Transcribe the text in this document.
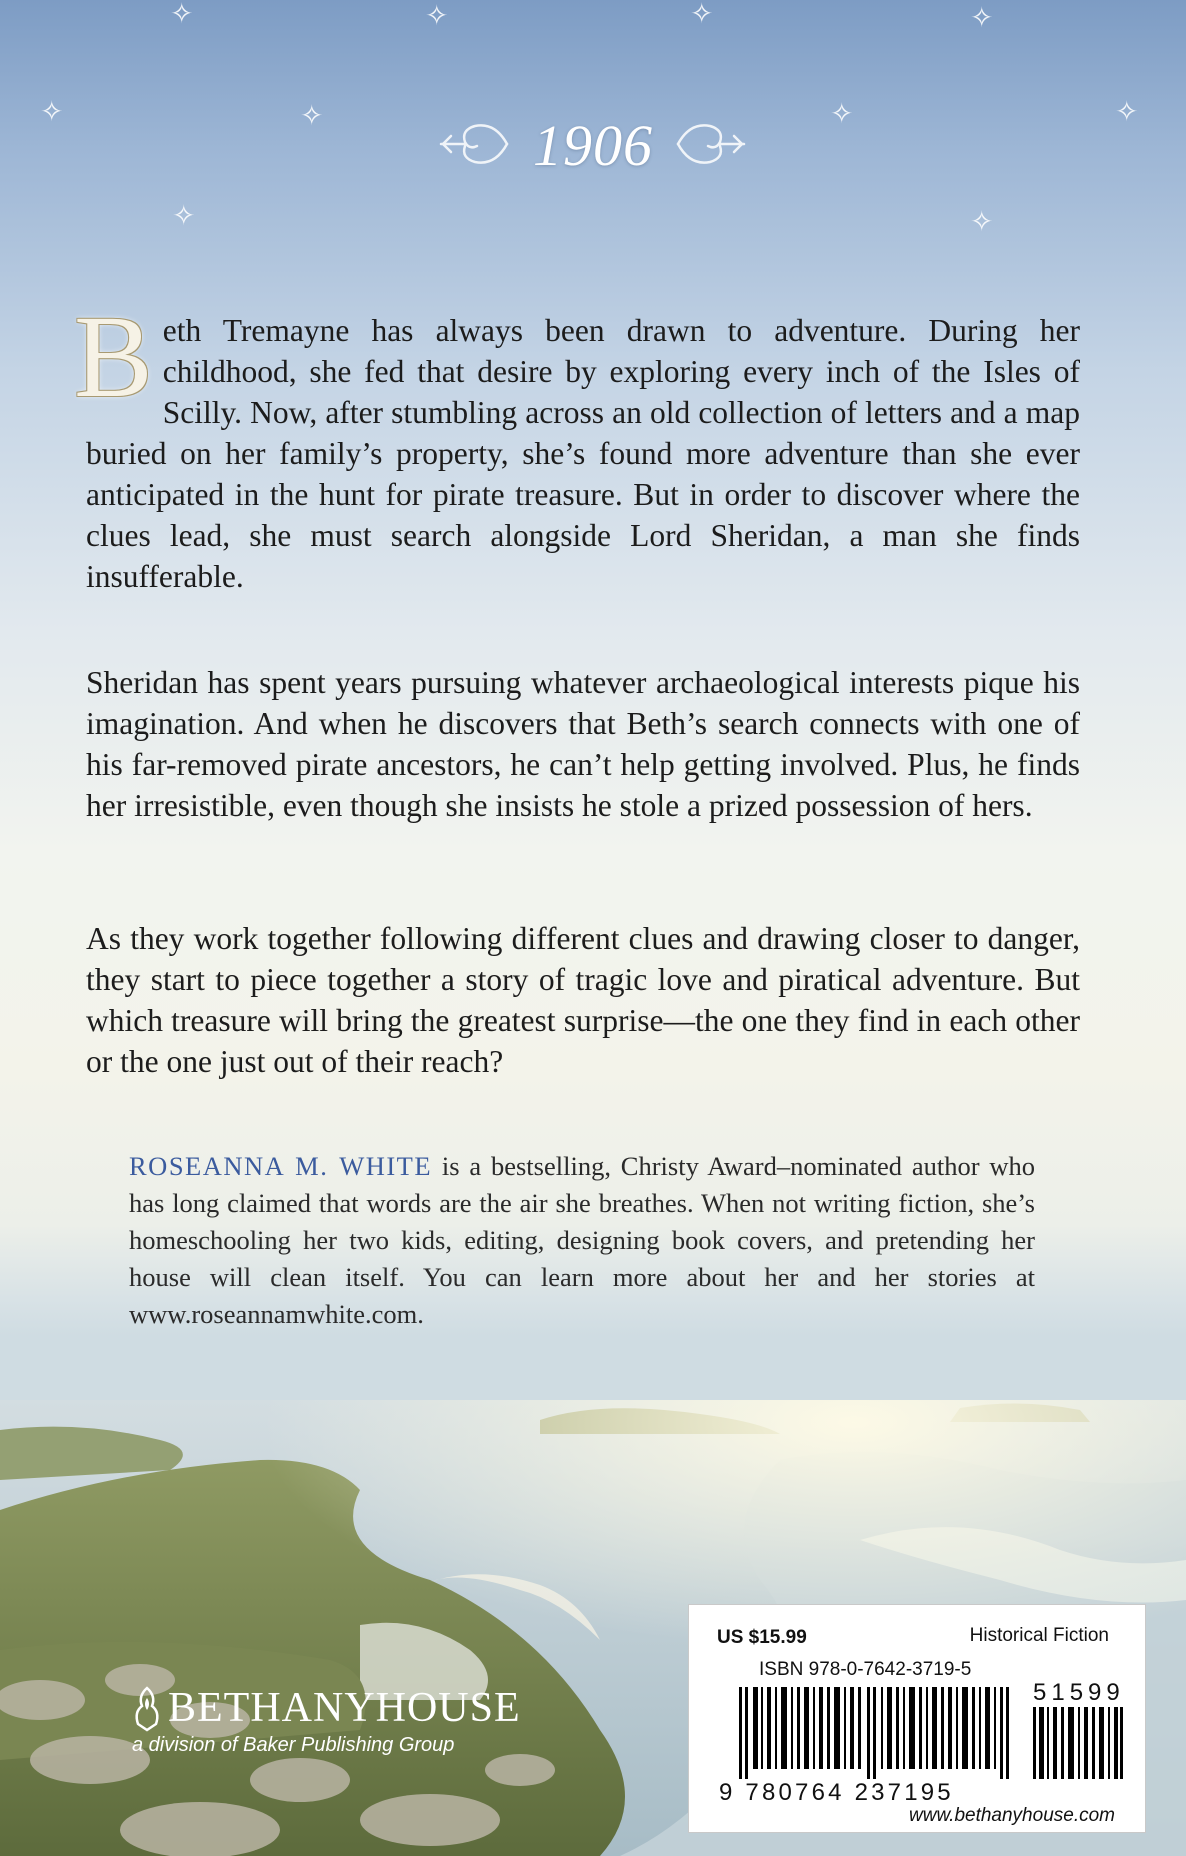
✧	✧	✧	✧
✧	✧	✧	✧
✧	✧
1906

Beth Tremayne has always been drawn to adventure. During her childhood, she fed that desire by exploring every inch of the Isles of Scilly. Now, after stumbling across an old collection of letters and a map buried on her family’s property, she’s found more adventure than she ever anticipated in the hunt for pirate treasure. But in order to discover where the clues lead, she must search alongside Lord Sheridan, a man she finds insufferable.

Sheridan has spent years pursuing whatever archaeological interests pique his imagination. And when he discovers that Beth’s search connects with one of his far-removed pirate ancestors, he can’t help getting involved. Plus, he finds her irresistible, even though she insists he stole a prized possession of hers.

As they work together following different clues and drawing closer to danger, they start to piece together a story of tragic love and piratical adventure. But which treasure will bring the greatest surprise—the one they find in each other or the one just out of their reach?

ROSEANNA M. WHITE is a bestselling, Christy Award–nominated author who has long claimed that words are the air she breathes. When not writing fiction, she’s homeschooling her two kids, editing, designing book covers, and pretending her house will clean itself. You can learn more about her and her stories at www.roseannamwhite.com.

BETHANYHOUSE
a division of Baker Publishing Group
US $15.99	Historical Fiction
ISBN 978-0-7642-3719-5
51599
9 780764 237195
www.bethanyhouse.com
